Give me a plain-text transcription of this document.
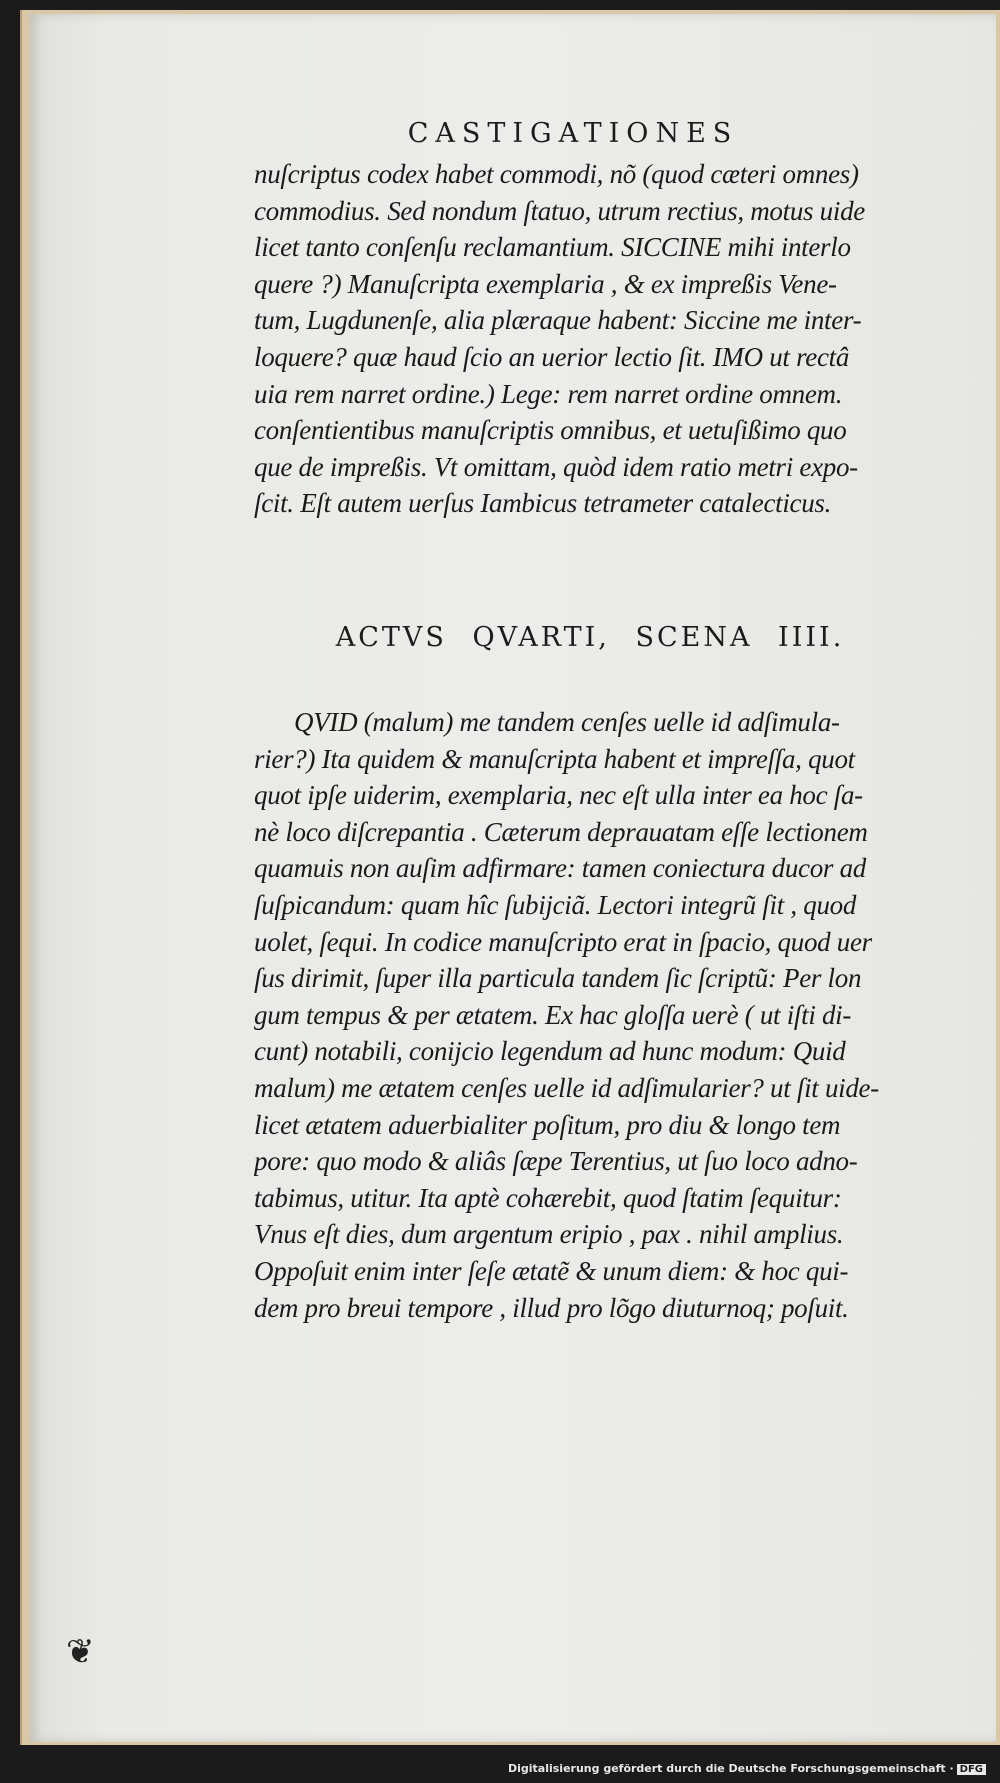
CASTIGATIONES

nuſcriptus codex habet commodi, nõ (quod cæteri omnes)
commodius. Sed nondum ſtatuo, utrum rectius, motus uide
licet tanto conſenſu reclamantium. SICCINE mihi interlo
quere ?) Manuſcripta exemplaria , & ex impreßis Vene-
tum, Lugdunenſe, alia plæraque habent: Siccine me inter-
loquere? quæ haud ſcio an uerior lectio ſit. IMO ut rectâ
uia rem narret ordine.) Lege: rem narret ordine omnem.
conſentientibus manuſcriptis omnibus, et uetuſißimo quo
que de impreßis. Vt omittam, quòd idem ratio metri expo-
ſcit. Eſt autem uerſus Iambicus tetrameter catalecticus.

ACTVS QVARTI, SCENA IIII.

QVID (malum) me tandem cenſes uelle id adſimula-
rier?) Ita quidem & manuſcripta habent et impreſſa, quot
quot ipſe uiderim, exemplaria, nec eſt ulla inter ea hoc ſa-
nè loco diſcrepantia . Cæterum deprauatam eſſe lectionem
quamuis non auſim adfirmare: tamen coniectura ducor ad
ſuſpicandum: quam hîc ſubijciã. Lectori integrũ ſit , quod
uolet, ſequi. In codice manuſcripto erat in ſpacio, quod uer
ſus dirimit, ſuper illa particula tandem ſic ſcriptũ: Per lon
gum tempus & per ætatem. Ex hac gloſſa uerè ( ut iſti di-
cunt) notabili, conijcio legendum ad hunc modum: Quid
malum) me ætatem cenſes uelle id adſimularier? ut ſit uide-
licet ætatem aduerbialiter poſitum, pro diu & longo tem
pore: quo modo & aliâs ſæpe Terentius, ut ſuo loco adno-
tabimus, utitur. Ita aptè cohærebit, quod ſtatim ſequitur:
Vnus eſt dies, dum argentum eripio , pax . nihil amplius.
Oppoſuit enim inter ſeſe ætatẽ & unum diem: & hoc qui-
dem pro breui tempore , illud pro lõgo diuturnoq; poſuit.

❦
Digitalisierung gefördert durch die Deutsche Forschungsgemeinschaft · DFG
